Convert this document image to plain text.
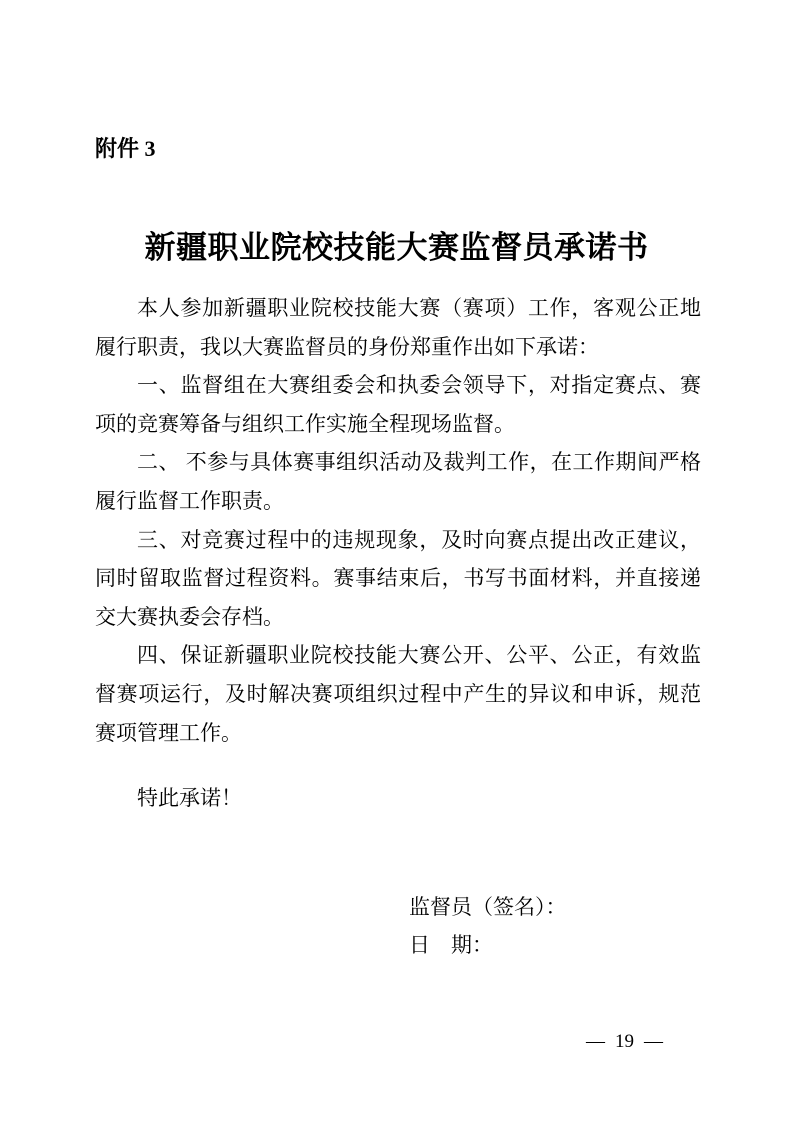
附件 3
新疆职业院校技能大赛监督员承诺书

本人参加新疆职业院校技能大赛（赛项）工作，客观公正地履行职责，我以大赛监督员的身份郑重作出如下承诺：

一、监督组在大赛组委会和执委会领导下，对指定赛点、赛项的竞赛筹备与组织工作实施全程现场监督。

二、 不参与具体赛事组织活动及裁判工作，在工作期间严格履行监督工作职责。

三、对竞赛过程中的违规现象，及时向赛点提出改正建议，同时留取监督过程资料。赛事结束后，书写书面材料，并直接递交大赛执委会存档。

四、保证新疆职业院校技能大赛公开、公平、公正，有效监督赛项运行，及时解决赛项组织过程中产生的异议和申诉，规范赛项管理工作。

特此承诺！

监督员（签名）：
日　期：
— 19 —
